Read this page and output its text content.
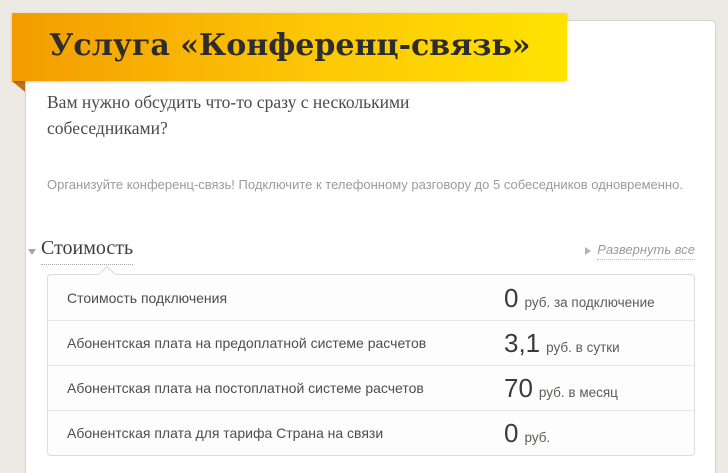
Вам нужно обсудить что-то сразу с несколькими собеседниками?

Организуйте конференц-связь! Подключите к телефонному разговору до 5 собеседников одновременно.

Стоимость	Развернуть все
Стоимость подключения	0 руб. за подключение
Абонентская плата на предоплатной системе расчетов	3,1 руб. в сутки
Абонентская плата на постоплатной системе расчетов	70 руб. в месяц
Абонентская плата для тарифа Страна на связи	0 руб.
Услуга «Конференц-связь»
